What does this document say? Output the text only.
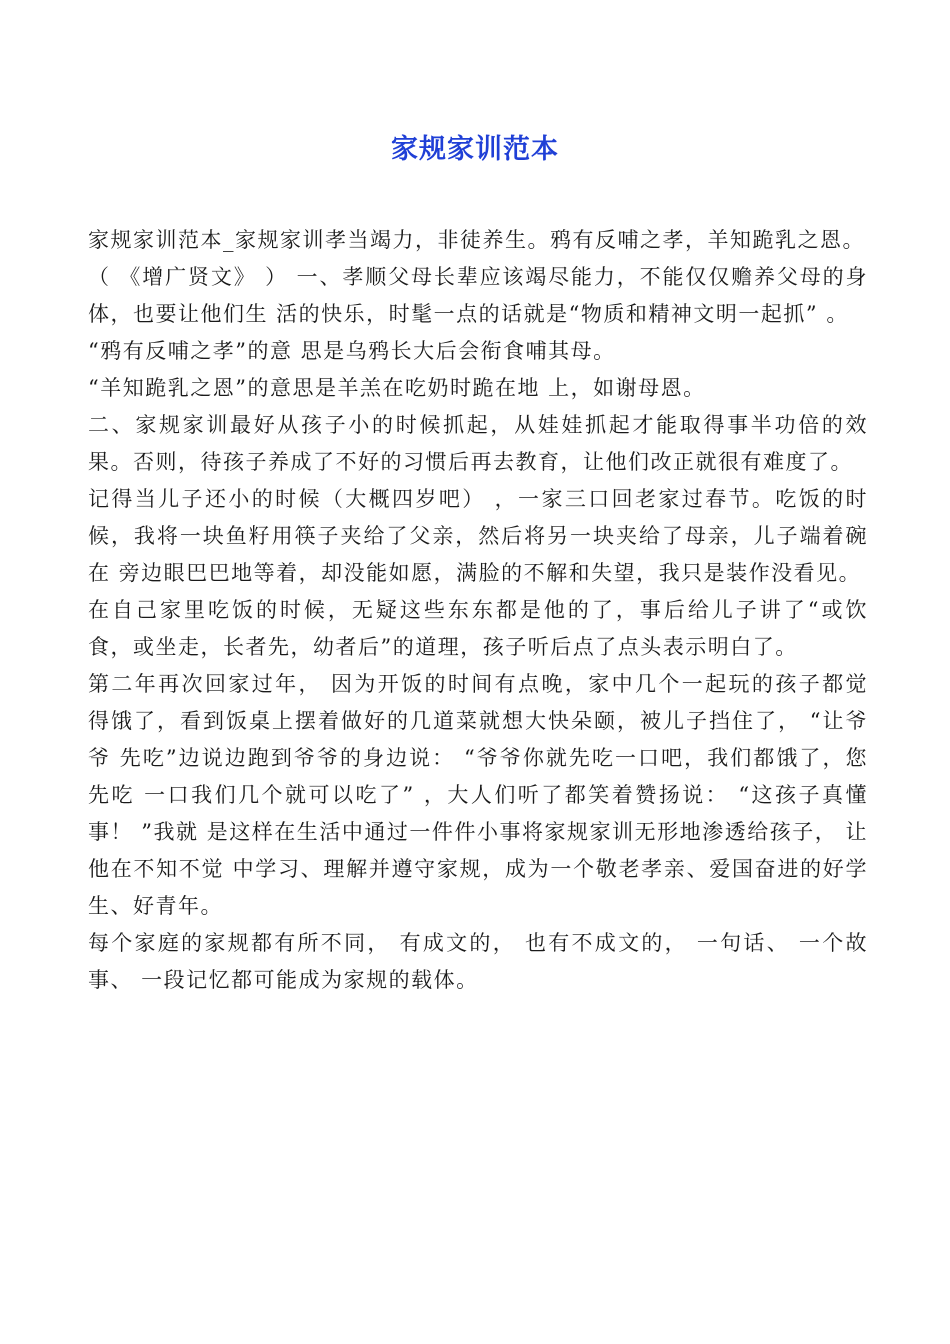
家规家训范本

家规家训范本_家规家训孝当竭力，非徒养生。鸦有反哺之孝，羊知跪乳之恩。

（ 《增广贤文》 ） 一、孝顺父母长辈应该竭尽能力，不能仅仅赡养父母的身体，也要让他们生 活的快乐，时髦一点的话就是“物质和精神文明一起抓” 。

“鸦有反哺之孝”的意 思是乌鸦长大后会衔食哺其母。

“羊知跪乳之恩”的意思是羊羔在吃奶时跪在地 上，如谢母恩。

二、家规家训最好从孩子小的时候抓起，从娃娃抓起才能取得事半功倍的效 果。否则，待孩子养成了不好的习惯后再去教育，让他们改正就很有难度了。

记得当儿子还小的时候（大概四岁吧） ，一家三口回老家过春节。吃饭的时 候，我将一块鱼籽用筷子夹给了父亲，然后将另一块夹给了母亲，儿子端着碗在 旁边眼巴巴地等着，却没能如愿，满脸的不解和失望，我只是装作没看见。

在自己家里吃饭的时候，无疑这些东东都是他的了，事后给儿子讲了“或饮 食，或坐走，长者先，幼者后”的道理，孩子听后点了点头表示明白了。

第二年再次回家过年， 因为开饭的时间有点晚，家中几个一起玩的孩子都觉 得饿了，看到饭桌上摆着做好的几道菜就想大快朵颐，被儿子挡住了， “让爷爷 先吃”边说边跑到爷爷的身边说： “爷爷你就先吃一口吧，我们都饿了，您先吃 一口我们几个就可以吃了” ，大人们听了都笑着赞扬说： “这孩子真懂事！ ”我就 是这样在生活中通过一件件小事将家规家训无形地渗透给孩子， 让他在不知不觉 中学习、理解并遵守家规，成为一个敬老孝亲、爱国奋进的好学生、好青年。

每个家庭的家规都有所不同， 有成文的， 也有不成文的， 一句话、 一个故事、 一段记忆都可能成为家规的载体。
